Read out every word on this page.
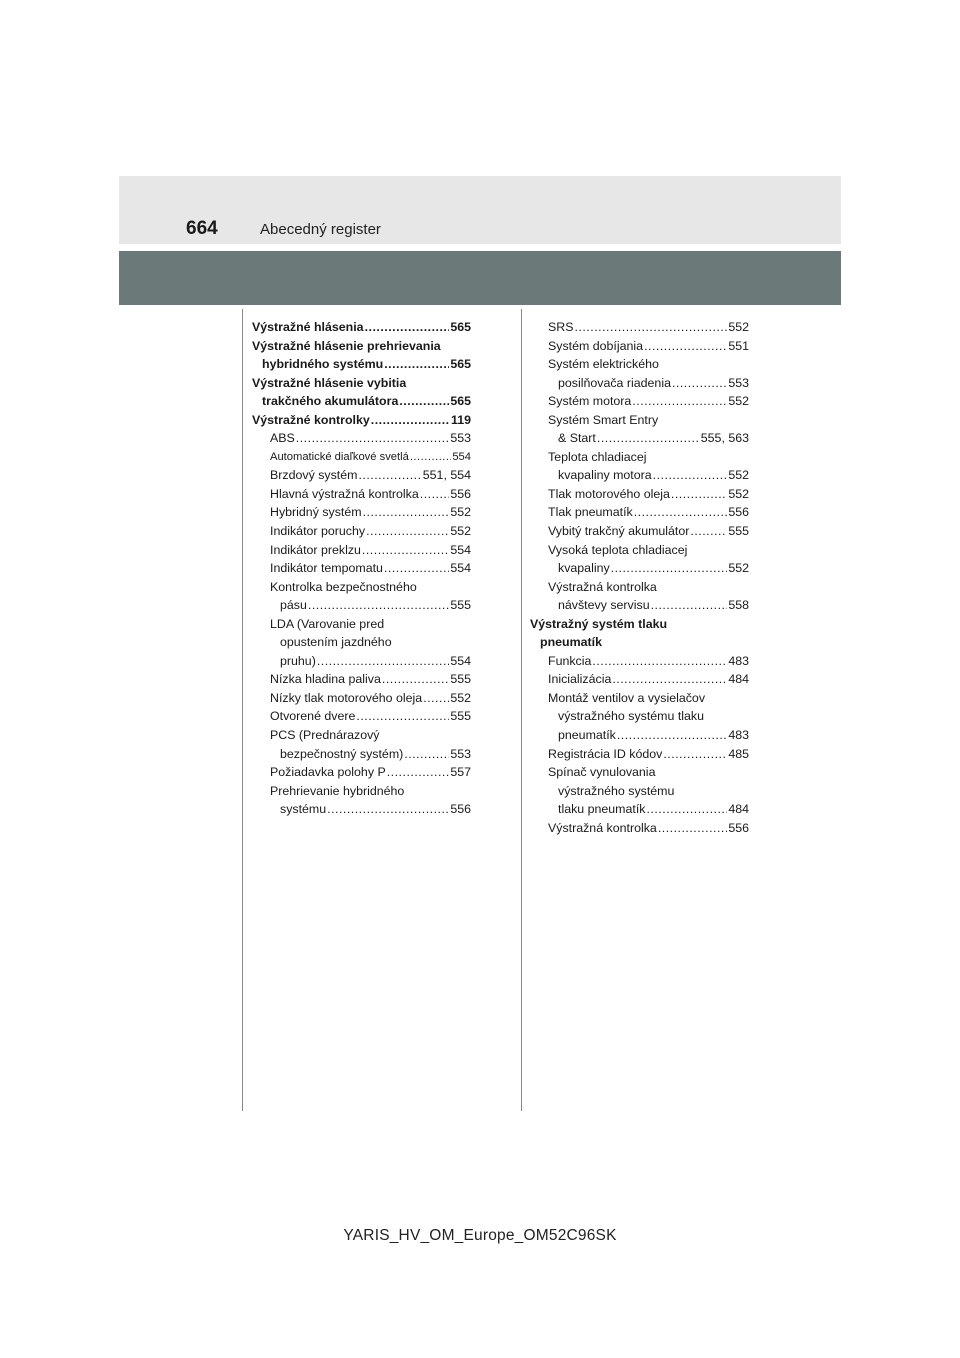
664	Abecedný register
Výstražné hlásenia .....	565
Výstražné hlásenie prehrievania
hybridného systému .....	565
Výstražné hlásenie vybitia
trakčného akumulátora .....	565
Výstražné kontrolky .....	119
ABS .....	553
Automatické diaľkové svetlá .....	554
Brzdový systém .....	551, 554
Hlavná výstražná kontrolka .....	556
Hybridný systém .....	552
Indikátor poruchy .....	552
Indikátor preklzu .....	554
Indikátor tempomatu .....	554
Kontrolka bezpečnostného
pásu .....	555
LDA (Varovanie pred
opustením jazdného
pruhu) .....	554
Nízka hladina paliva .....	555
Nízky tlak motorového oleja ..... 552
Otvorené dvere .....	555
PCS (Prednárazový
bezpečnostný systém) .....	553
Požiadavka polohy P .....	557
Prehrievanie hybridného
systému .....	556
SRS .....	552
Systém dobíjania .....	551
Systém elektrického
posilňovača riadenia .....	553
Systém motora .....	552
Systém Smart Entry
& Start .....	555, 563
Teplota chladiacej
kvapaliny motora .....	552
Tlak motorového oleja .....	552
Tlak pneumatík .....	556
Vybitý trakčný akumulátor .....	555
Vysoká teplota chladiacej
kvapaliny .....	552
Výstražná kontrolka
návštevy servisu .....	558
Výstražný systém tlaku
pneumatík
Funkcia .....	483
Inicializácia .....	484
Montáž ventilov a vysielačov
výstražného systému tlaku
pneumatík .....	483
Registrácia ID kódov .....	485
Spínač vynulovania
výstražného systému
tlaku pneumatík .....	484
Výstražná kontrolka .....	556
YARIS_HV_OM_Europe_OM52C96SK
